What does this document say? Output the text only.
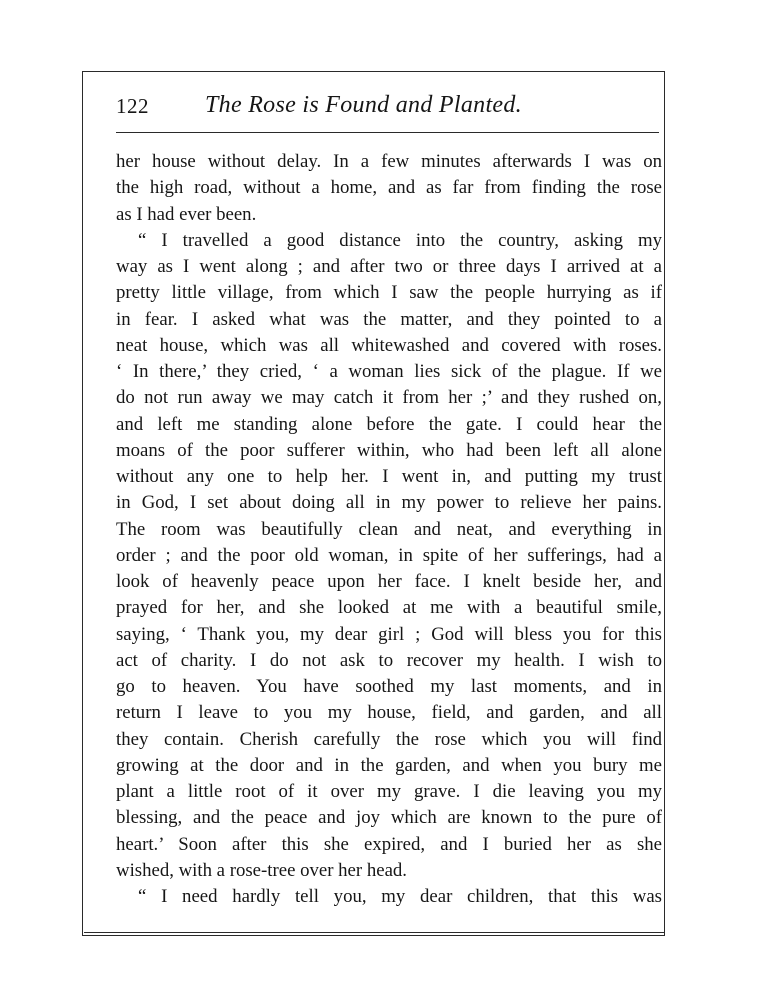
122 The Rose is Found and Planted.
her house without delay. In a few minutes afterwards I was on
the high road, without a home, and as far from finding the rose
as I had ever been.
“ I travelled a good distance into the country, asking my
way as I went along ; and after two or three days I arrived at a
pretty little village, from which I saw the people hurrying as if
in fear. I asked what was the matter, and they pointed to a
neat house, which was all whitewashed and covered with roses.
‘ In there,’ they cried, ‘ a woman lies sick of the plague. If we
do not run away we may catch it from her ;’ and they rushed on,
and left me standing alone before the gate. I could hear the
moans of the poor sufferer within, who had been left all alone
without any one to help her. I went in, and putting my trust
in God, I set about doing all in my power to relieve her pains.
The room was beautifully clean and neat, and everything in
order ; and the poor old woman, in spite of her sufferings, had a
look of heavenly peace upon her face. I knelt beside her, and
prayed for her, and she looked at me with a beautiful smile,
saying, ‘ Thank you, my dear girl ; God will bless you for this
act of charity. I do not ask to recover my health. I wish to
go to heaven. You have soothed my last moments, and in
return I leave to you my house, field, and garden, and all
they contain. Cherish carefully the rose which you will find
growing at the door and in the garden, and when you bury me
plant a little root of it over my grave. I die leaving you my
blessing, and the peace and joy which are known to the pure of
heart.’ Soon after this she expired, and I buried her as she
wished, with a rose-tree over her head.
“ I need hardly tell you, my dear children, that this was
